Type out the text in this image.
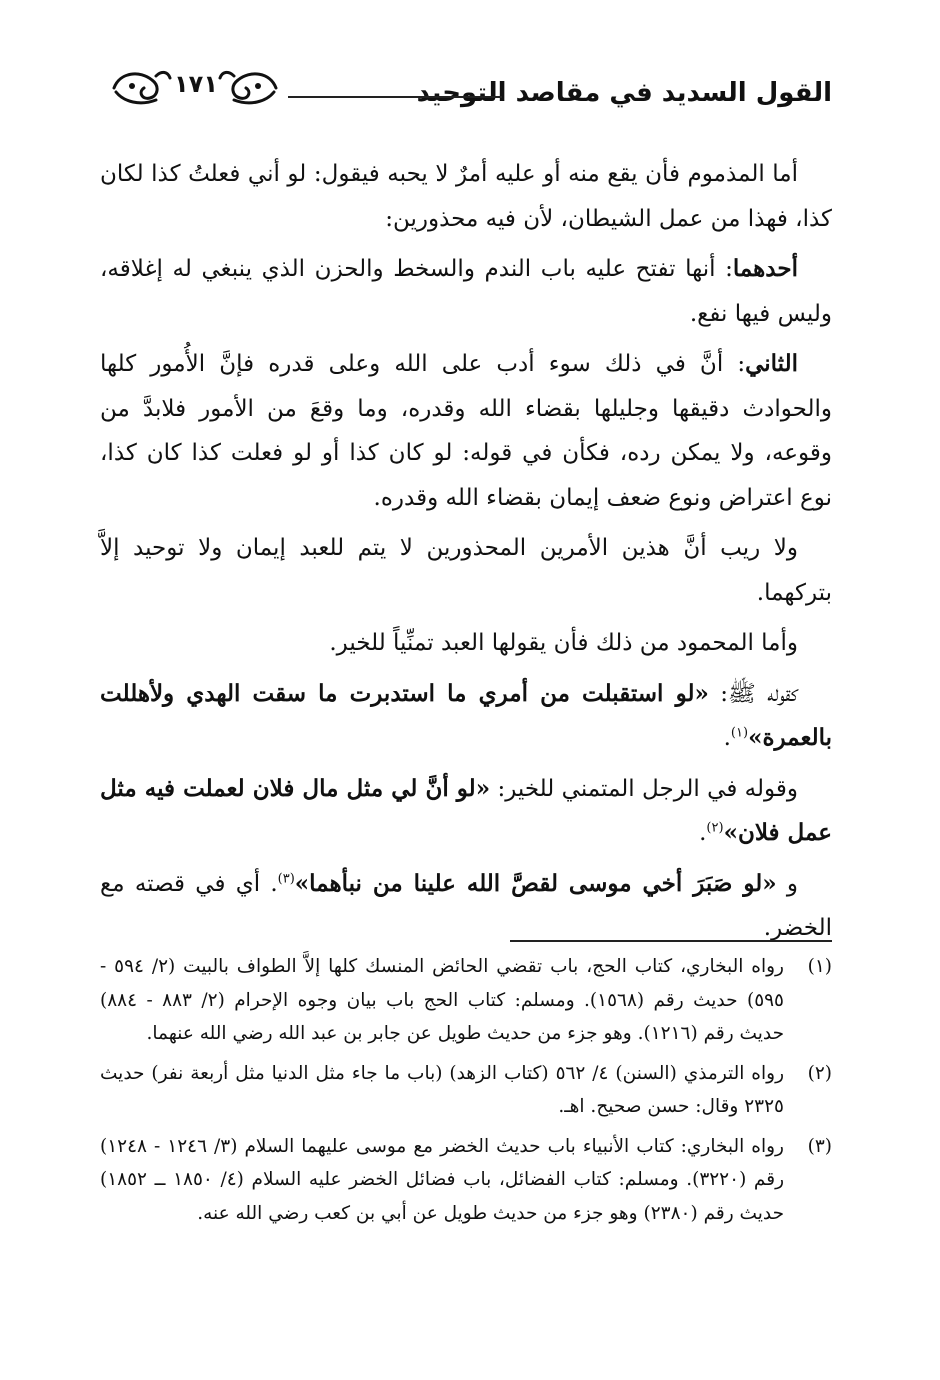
القول السديد في مقاصد التوحيد
١٧١

أما المذموم فأن يقع منه أو عليه أمرٌ لا يحبه فيقول: لو أني فعلتُ كذا لكان كذا، فهذا من عمل الشيطان، لأن فيه محذورين:

أحدهما: أنها تفتح عليه باب الندم والسخط والحزن الذي ينبغي له إغلاقه، وليس فيها نفع.

الثاني: أنَّ في ذلك سوء أدب على الله وعلى قدره فإنَّ الأُمور كلها والحوادث دقيقها وجليلها بقضاء الله وقدره، وما وقعَ من الأمور فلابدَّ من وقوعه، ولا يمكن رده، فكأن في قوله: لو كان كذا أو لو فعلت كذا كان كذا، نوع اعتراض ونوع ضعف إيمان بقضاء الله وقدره.

ولا ريب أنَّ هذين الأمرين المحذورين لا يتم للعبد إيمان ولا توحيد إلاَّ بتركهما.

وأما المحمود من ذلك فأن يقولها العبد تمنِّياً للخير.

كقوله ﷺ: «لو استقبلت من أمري ما استدبرت ما سقت الهدي ولأهللت بالعمرة»$^{(١)}$.

وقوله في الرجل المتمني للخير: «لو أنَّ لي مثل مال فلان لعملت فيه مثل عمل فلان»$^{(٢)}$.

و «لو صَبَرَ أخي موسى لقصَّ الله علينا من نبأهما»$^{(٣)}$. أي في قصته مع الخضر.

(١)
رواه البخاري، كتاب الحج، باب تقضي الحائض المنسك كلها إلاَّ الطواف بالبيت (٢/ ٥٩٤ - ٥٩٥) حديث رقم (١٥٦٨). ومسلم: كتاب الحج باب بيان وجوه الإحرام (٢/ ٨٨٣ - ٨٨٤) حديث رقم (١٢١٦). وهو جزء من حديث طويل عن جابر بن عبد الله رضي الله عنهما.
(٢)
رواه الترمذي (السنن) ٤/ ٥٦٢ (كتاب الزهد) (باب ما جاء مثل الدنيا مثل أربعة نفر) حديث ٢٣٢٥ وقال: حسن صحيح. اهـ.
(٣)
رواه البخاري: كتاب الأنبياء باب حديث الخضر مع موسى عليهما السلام (٣/ ١٢٤٦ - ١٢٤٨) رقم (٣٢٢٠). ومسلم: كتاب الفضائل، باب فضائل الخضر عليه السلام (٤/ ١٨٥٠ ــ ١٨٥٢) حديث رقم (٢٣٨٠) وهو جزء من حديث طويل عن أبي بن كعب رضي الله عنه.
